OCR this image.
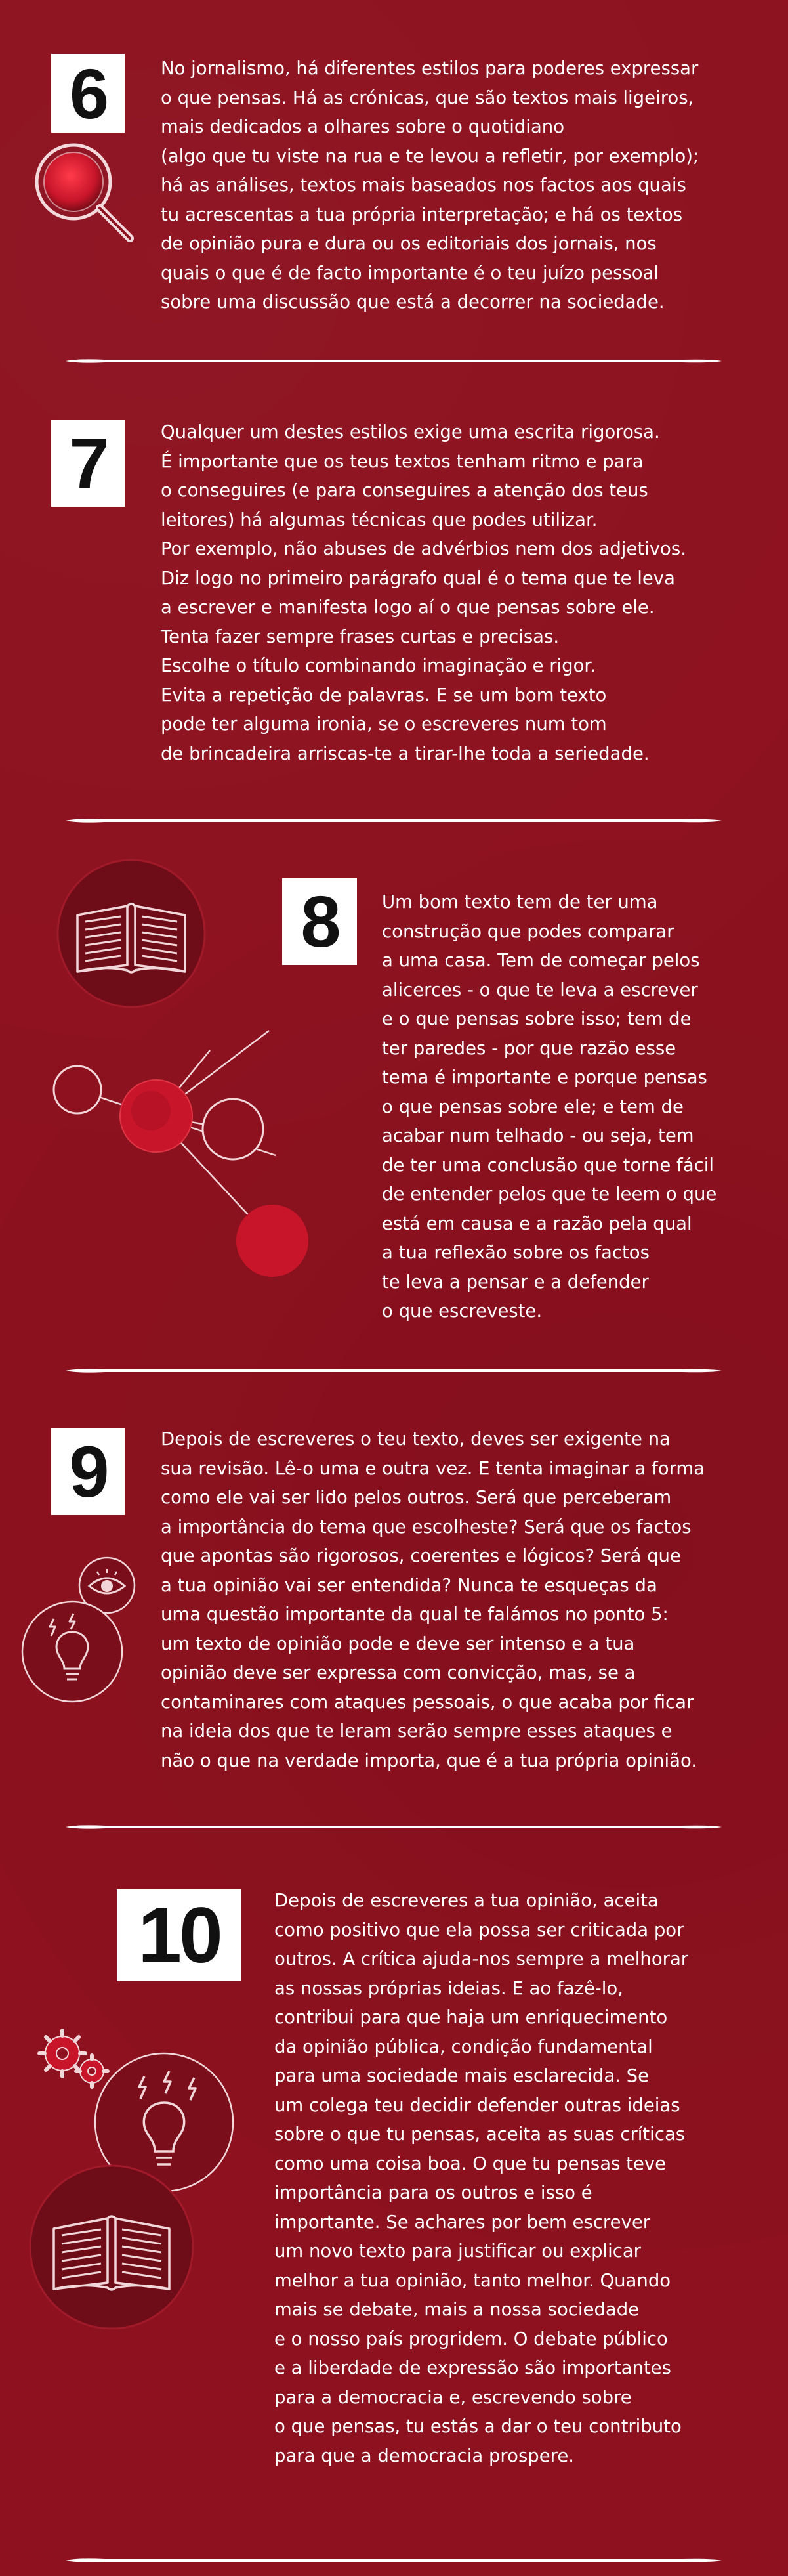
6	No jornalismo, há diferentes estilos para poderes expressar
o que pensas. Há as crónicas, que são textos mais ligeiros,
mais dedicados a olhares sobre o quotidiano
(algo que tu viste na rua e te levou a refletir, por exemplo);
há as análises, textos mais baseados nos factos aos quais
tu acrescentas a tua própria interpretação; e há os textos
de opinião pura e dura ou os editoriais dos jornais, nos
quais o que é de facto importante é o teu juízo pessoal
sobre uma discussão que está a decorrer na sociedade.

7	Qualquer um destes estilos exige uma escrita rigorosa.
É importante que os teus textos tenham ritmo e para
o conseguires (e para conseguires a atenção dos teus
leitores) há algumas técnicas que podes utilizar.
Por exemplo, não abuses de advérbios nem dos adjetivos.
Diz logo no primeiro parágrafo qual é o tema que te leva
a escrever e manifesta logo aí o que pensas sobre ele.
Tenta fazer sempre frases curtas e precisas.
Escolhe o título combinando imaginação e rigor.
Evita a repetição de palavras. E se um bom texto
pode ter alguma ironia, se o escreveres num tom
de brincadeira arriscas-te a tirar-lhe toda a seriedade.

8 Um bom texto tem de ter uma
construção que podes comparar
a uma casa. Tem de começar pelos
alicerces - o que te leva a escrever
e o que pensas sobre isso; tem de
ter paredes - por que razão esse
tema é importante e porque pensas
o que pensas sobre ele; e tem de
acabar num telhado - ou seja, tem
de ter uma conclusão que torne fácil
de entender pelos que te leem o que
está em causa e a razão pela qual
a tua reflexão sobre os factos
te leva a pensar e a defender
o que escreveste.

9	Depois de escreveres o teu texto, deves ser exigente na
sua revisão. Lê-o uma e outra vez. E tenta imaginar a forma
como ele vai ser lido pelos outros. Será que perceberam
a importância do tema que escolheste? Será que os factos
que apontas são rigorosos, coerentes e lógicos? Será que
a tua opinião vai ser entendida? Nunca te esqueças da
uma questão importante da qual te falámos no ponto 5:
um texto de opinião pode e deve ser intenso e a tua
opinião deve ser expressa com convicção, mas, se a
contaminares com ataques pessoais, o que acaba por ficar
na ideia dos que te leram serão sempre esses ataques e
não o que na verdade importa, que é a tua própria opinião.

10	Depois de escreveres a tua opinião, aceita
como positivo que ela possa ser criticada por
outros. A crítica ajuda-nos sempre a melhorar
as nossas próprias ideias. E ao fazê-lo,
contribui para que haja um enriquecimento
da opinião pública, condição fundamental
para uma sociedade mais esclarecida. Se
um colega teu decidir defender outras ideias
sobre o que tu pensas, aceita as suas críticas
como uma coisa boa. O que tu pensas teve
importância para os outros e isso é
importante. Se achares por bem escrever
um novo texto para justificar ou explicar
melhor a tua opinião, tanto melhor. Quando
mais se debate, mais a nossa sociedade
e o nosso país progridem. O debate público
e a liberdade de expressão são importantes
para a democracia e, escrevendo sobre
o que pensas, tu estás a dar o teu contributo
para que a democracia prospere.
